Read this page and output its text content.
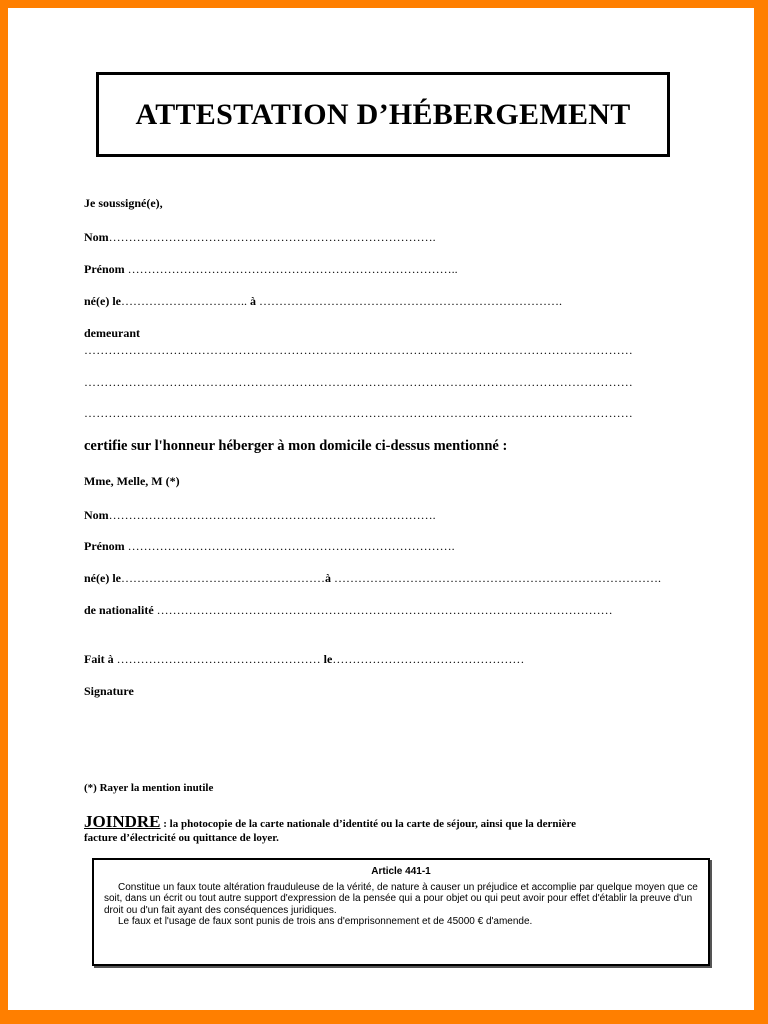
ATTESTATION D’HÉBERGEMENT
Je soussigné(e),
Nom……………………………………………………………………….
Prénom ………………………………………………………………………..
né(e) le………………………….. à ………………………………………………………………….
demeurant
………………………………………………………………………………………………………………………
………………………………………………………………………………………………………………………
………………………………………………………………………………………………………………………
certifie sur l'honneur héberger à mon domicile ci-dessus mentionné :
Mme, Melle, M (*)
Nom……………………………………………………………………….
Prénom ……………………………………………………………………….
né(e) le……………………………………………à ……………………………………………………………………….
de nationalité ……………………………………………………………………………………………………
Fait à …………………………………………… le…………………………………………
Signature
(*) Rayer la mention inutile
JOINDRE : la photocopie de la carte nationale d’identité ou la carte de séjour, ainsi que la dernière
facture d’électricité ou quittance de loyer.
Article 441-1

Constitue un faux toute altération frauduleuse de la vérité, de nature à causer un préjudice et accomplie par quelque moyen que ce soit, dans un écrit ou tout autre support d'expression de la pensée qui a pour objet ou qui peut avoir pour effet d'établir la preuve d'un droit ou d'un fait ayant des conséquences juridiques.

Le faux et l'usage de faux sont punis de trois ans d'emprisonnement et de 45000 € d'amende.
